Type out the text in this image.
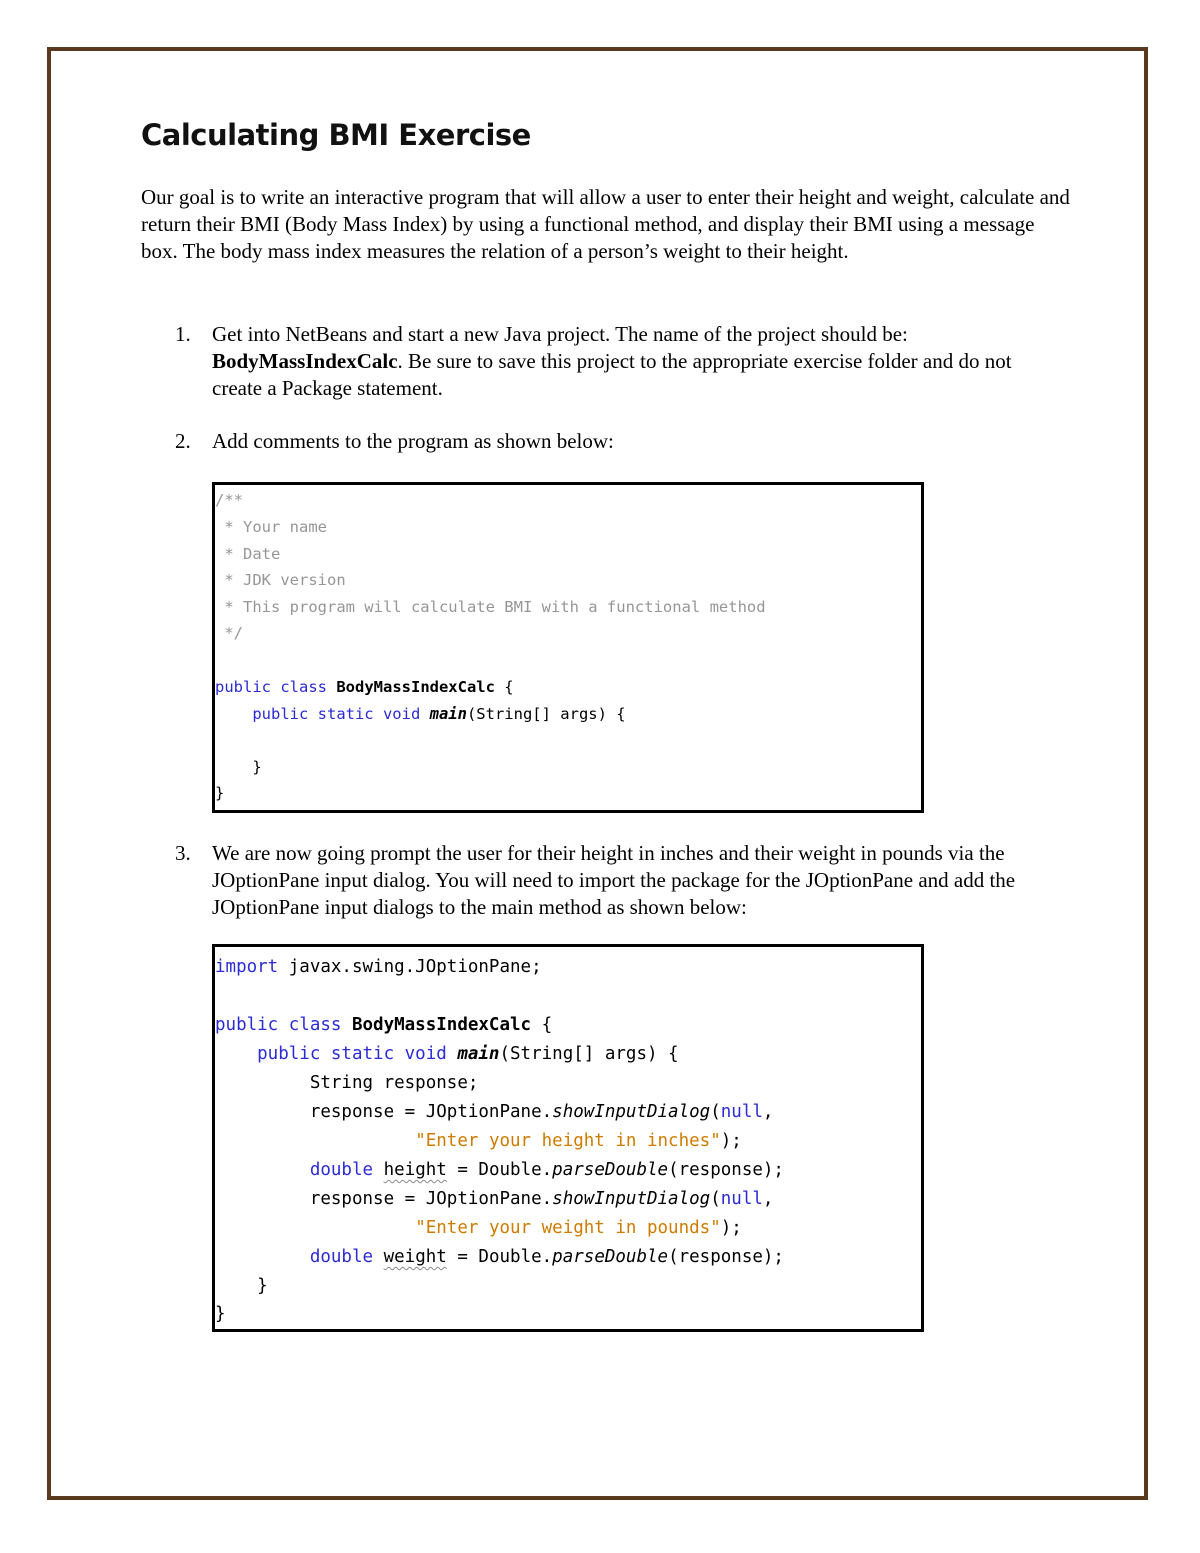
Calculating BMI Exercise

Our goal is to write an interactive program that will allow a user to enter their height and weight, calculate and return their BMI (Body Mass Index) by using a functional method, and display their BMI using a message box. The body mass index measures the relation of a person’s weight to their height.

1. Get into NetBeans and start a new Java project. The name of the project should be: BodyMassIndexCalc. Be sure to save this project to the appropriate exercise folder and do not create a Package statement.
2. Add comments to the program as shown below:
/**
* Your name
* Date
* JDK version
* This program will calculate BMI with a functional method
*/
public class BodyMassIndexCalc {
public static void main(String[] args) {
}
}
3. We are now going prompt the user for their height in inches and their weight in pounds via the JOptionPane input dialog. You will need to import the package for the JOptionPane and add the JOptionPane input dialogs to the main method as shown below:
import javax.swing.JOptionPane;
public class BodyMassIndexCalc {
public static void main(String[] args) {
String response;
response = JOptionPane.showInputDialog(null,
"Enter your height in inches");
double height = Double.parseDouble(response);
response = JOptionPane.showInputDialog(null,
"Enter your weight in pounds");
double weight = Double.parseDouble(response);
}
}
